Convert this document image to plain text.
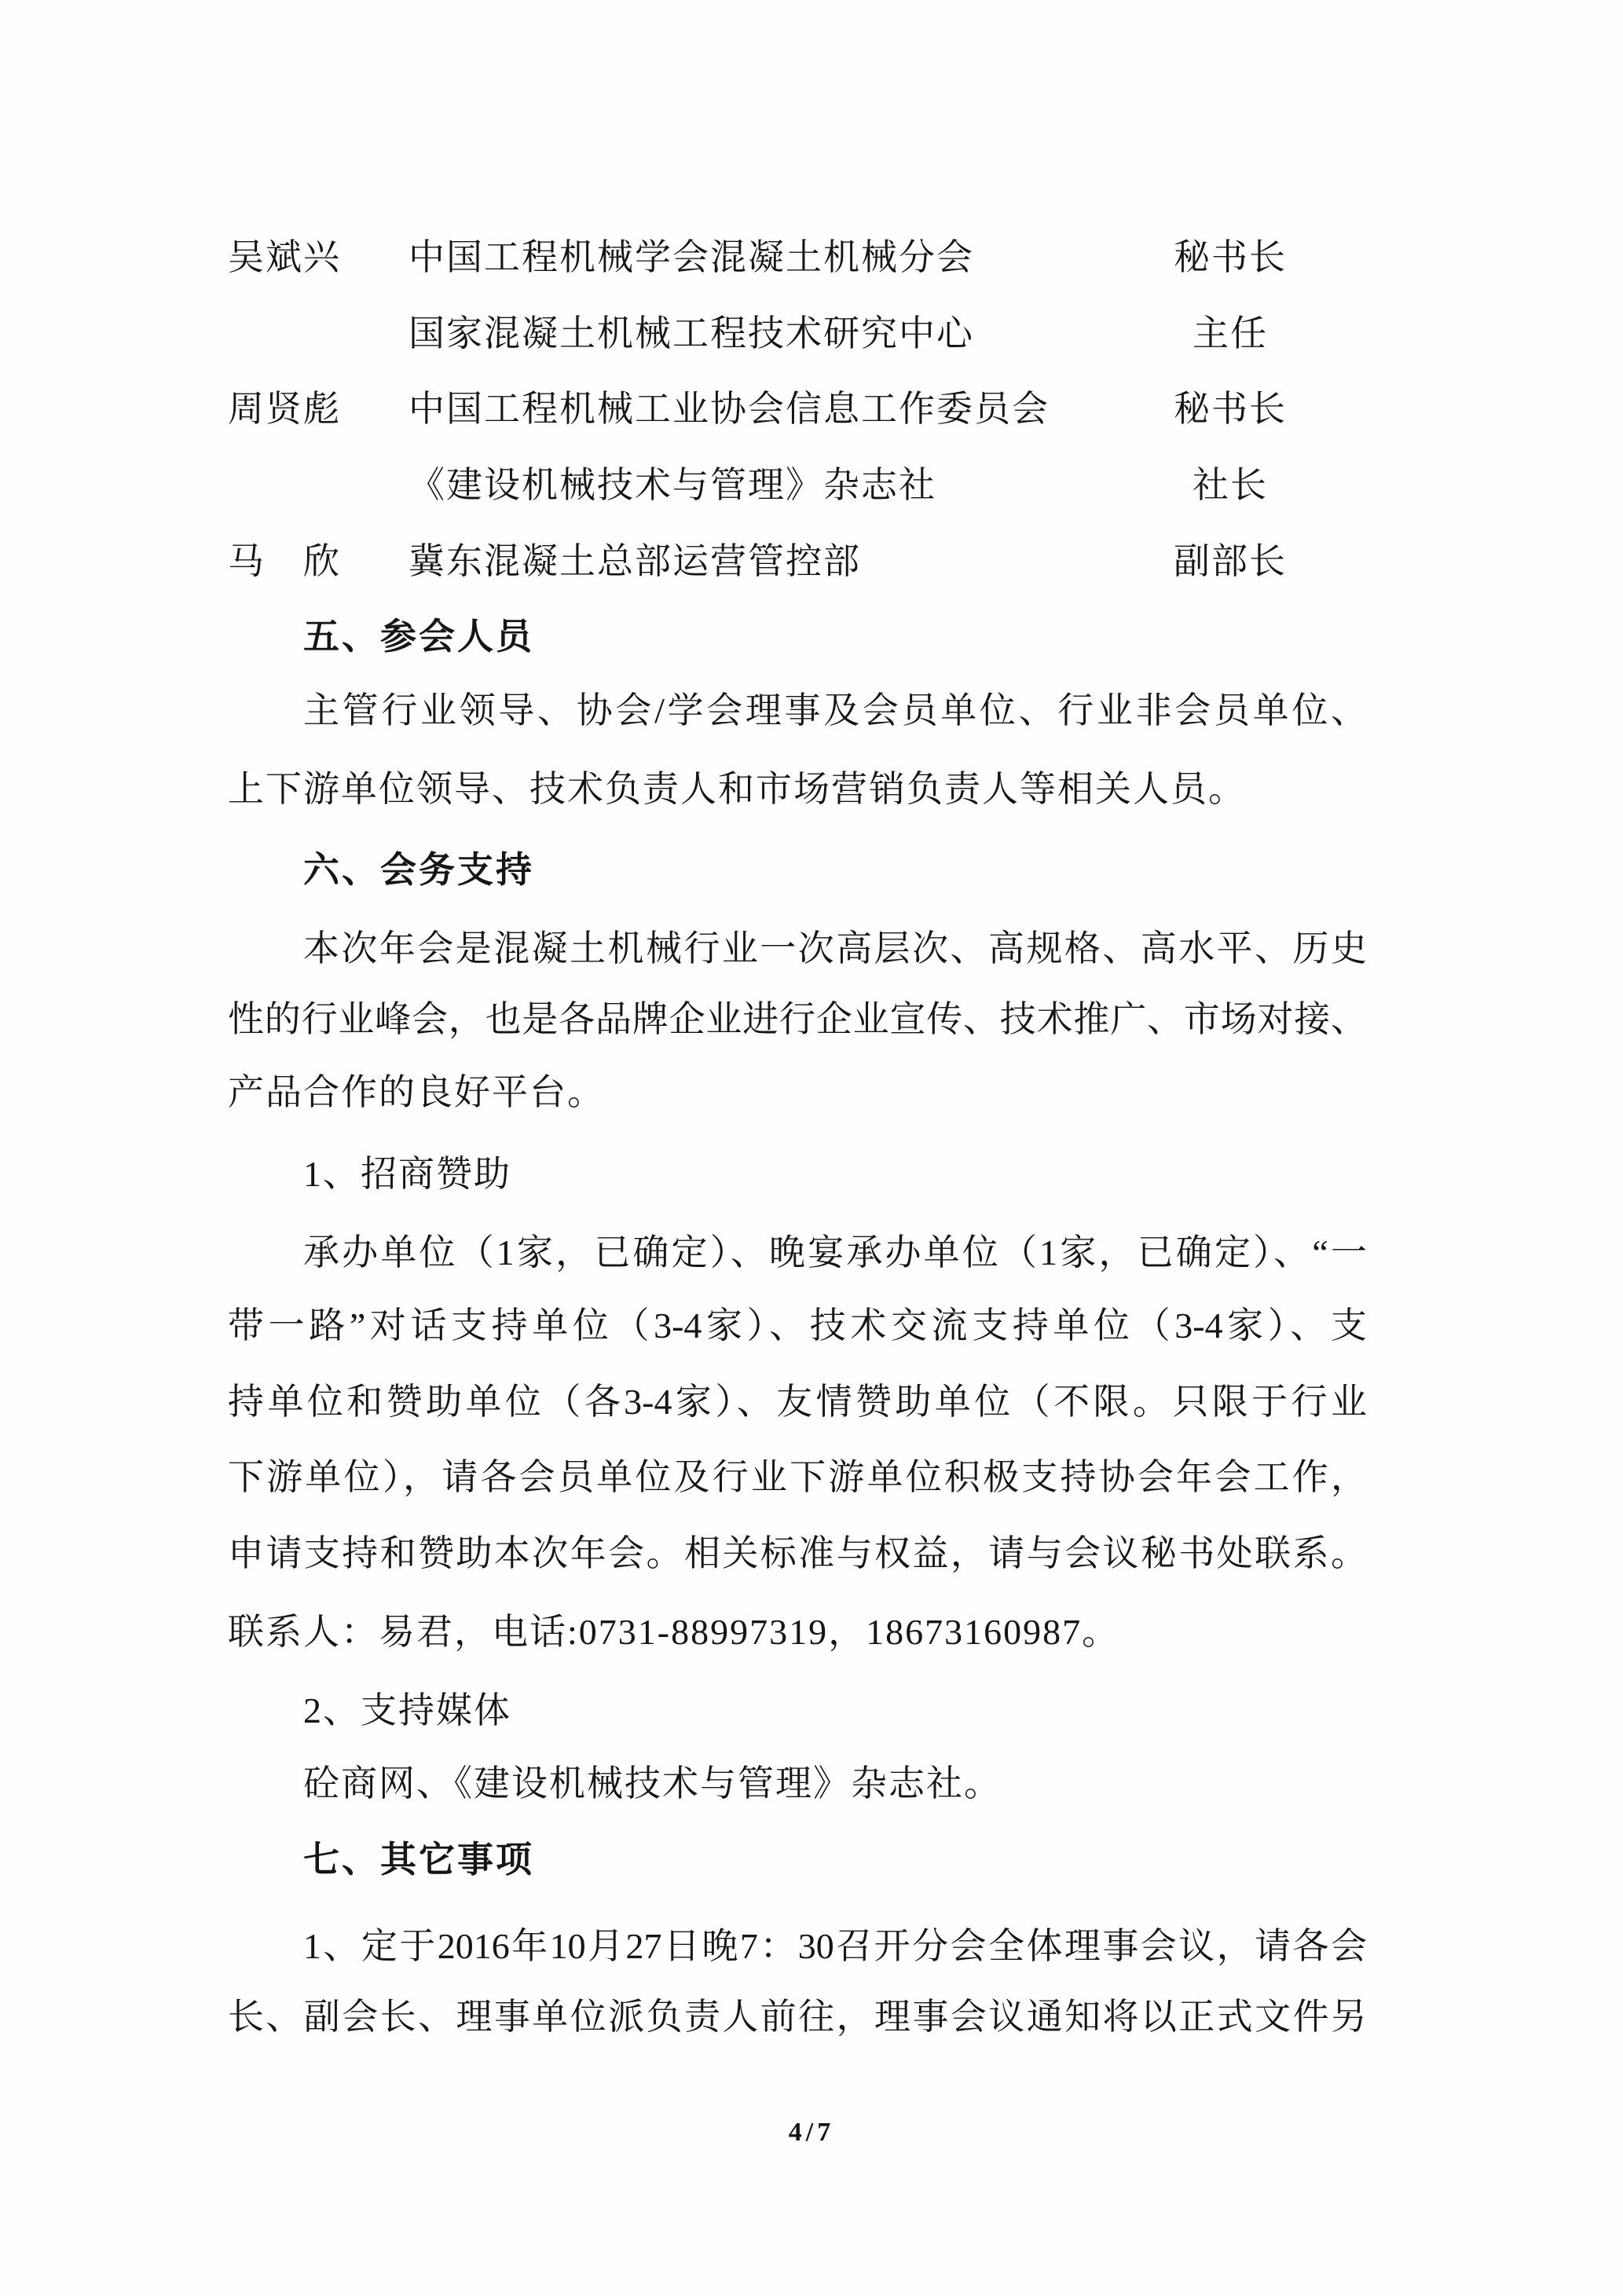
吴斌兴 中国工程机械学会混凝土机械分会	秘书长
国家混凝土机械工程技术研究中心	主任
周贤彪 中国工程机械工业协会信息工作委员会	秘书长
《建设机械技术与管理》杂志社	社长
马　欣 冀东混凝土总部运营管控部	副部长
五、参会人员
主管行业领导、协会/学会理事及会员单位、行业非会员单位、
上下游单位领导、技术负责人和市场营销负责人等相关人员。
六、会务支持
本次年会是混凝土机械行业一次高层次、高规格、高水平、历史
性的行业峰会，也是各品牌企业进行企业宣传、技术推广、市场对接、
产品合作的良好平台。
1、招商赞助
承办单位（1家，已确定）、晚宴承办单位（1家，已确定）、“一
带一路”对话支持单位（3-4家）、技术交流支持单位（3-4家）、支
持单位和赞助单位（各3-4家）、友情赞助单位（不限。只限于行业
下游单位），请各会员单位及行业下游单位积极支持协会年会工作，
申请支持和赞助本次年会。相关标准与权益，请与会议秘书处联系。
联系人：易君，电话:0731-88997319，18673160987。
2、支持媒体
砼商网、《建设机械技术与管理》杂志社。
七、其它事项
1、定于2016年10月27日晚7：30召开分会全体理事会议，请各会
长、副会长、理事单位派负责人前往，理事会议通知将以正式文件另
4/7
